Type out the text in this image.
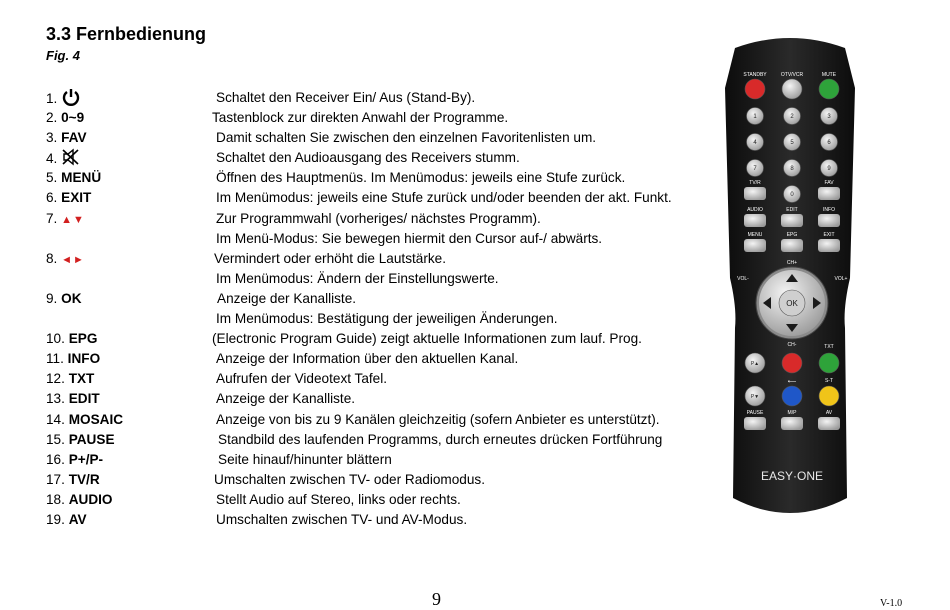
3.3 Fernbedienung
Fig. 4
1.	Schaltet den Receiver Ein/ Aus (Stand-By).
2. 0~9	Tastenblock zur direkten Anwahl der Programme.
3. FAV	Damit schalten Sie zwischen den einzelnen Favoritenlisten um.
4.	Schaltet den Audioausgang des Receivers stumm.
5. MENÜ	Öffnen des Hauptmenüs. Im Menümodus: jeweils eine Stufe zurück.
6. EXIT	Im Menümodus: jeweils eine Stufe zurück und/oder beenden der akt. Funkt.
7. ▲▼	Zur Programmwahl (vorheriges/ nächstes Programm).
Im Menü-Modus: Sie bewegen hiermit den Cursor auf-/ abwärts.
8. ◄►	Vermindert oder erhöht die Lautstärke.
Im Menümodus: Ändern der Einstellungswerte.
9. OK	Anzeige der Kanalliste.
Im Menümodus: Bestätigung der jeweiligen Änderungen.
10. EPG	(Electronic Program Guide) zeigt aktuelle Informationen zum lauf. Prog.
11. INFO	Anzeige der Information über den aktuellen Kanal.
12. TXT	Aufrufen der Videotext Tafel.
13. EDIT	Anzeige der Kanalliste.
14. MOSAIC	Anzeige von bis zu 9 Kanälen gleichzeitig (sofern Anbieter es unterstützt).
15. PAUSE	Standbild des laufenden Programms, durch erneutes drücken Fortführung
16. P+/P-	Seite hinauf/hinunter blättern
17. TV/R	Umschalten zwischen TV- oder Radiomodus.
18. AUDIO	Stellt Audio auf Stereo, links oder rechts.
19. AV	Umschalten zwischen TV- und AV-Modus.
STANDBY	OTV/VCR	MUTE
1	2	3
4	5	6
7	8	9
TV/R	FAV
0
AUDIO	EDIT	INFO
MENU	EPG	EXIT
CH+
OK
VOL-	VOL+
CH-	TXT
P▲
⟵	S-T
P▼
PAUSE	M/P	AV
EASY·ONE
9	V-1.0
